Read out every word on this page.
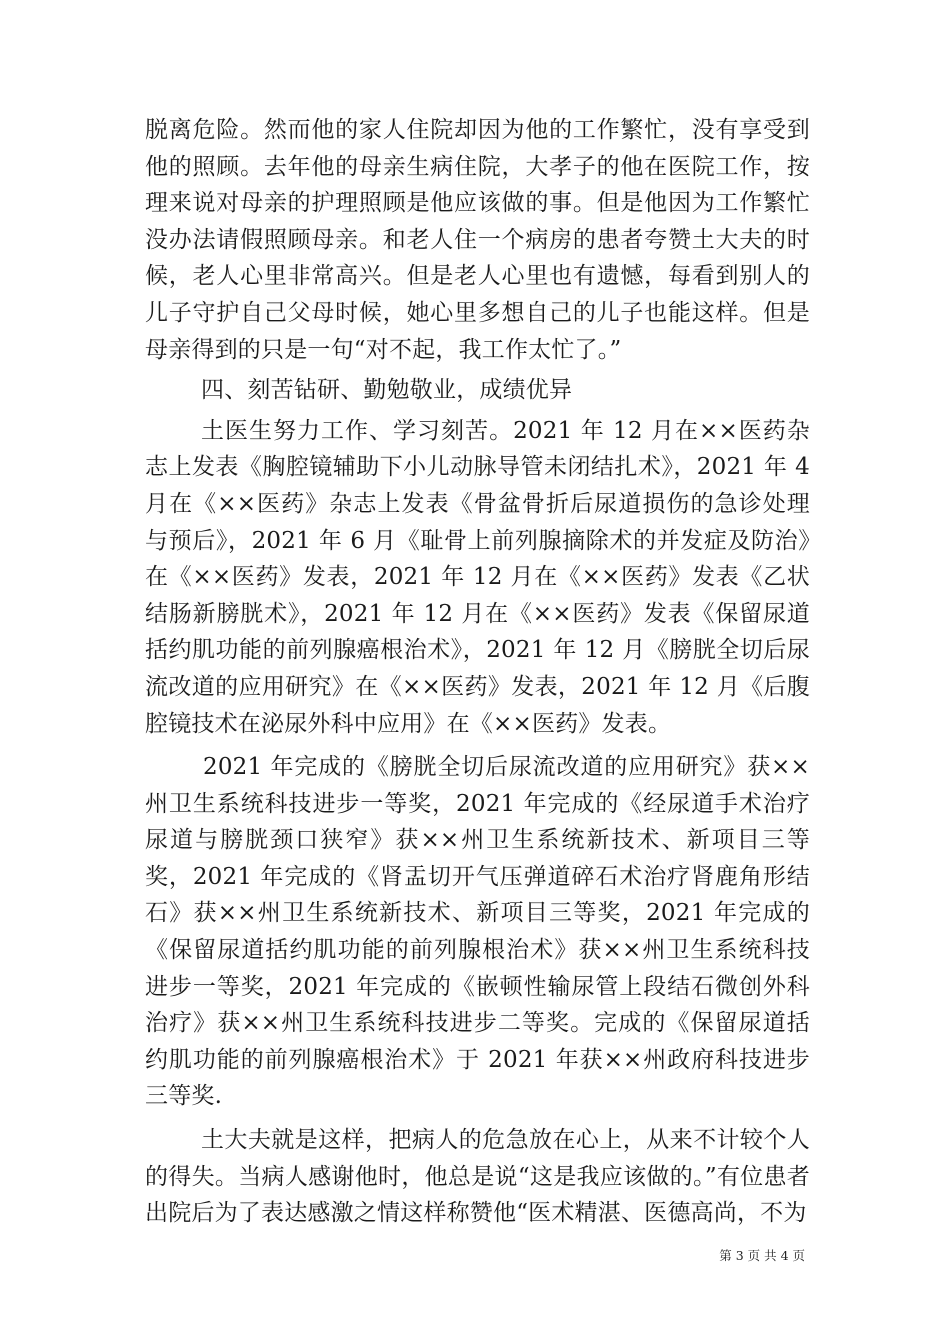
脱离危险。然而他的家人住院却因为他的工作繁忙，没有享受到他的照顾。去年他的母亲生病住院，大孝子的他在医院工作，按理来说对母亲的护理照顾是他应该做的事。但是他因为工作繁忙没办法请假照顾母亲。和老人住一个病房的患者夸赞土大夫的时候，老人心里非常高兴。但是老人心里也有遗憾，每看到别人的儿子守护自己父母时候，她心里多想自己的儿子也能这样。但是母亲得到的只是一句“对不起，我工作太忙了。”

四、刻苦钻研、勤勉敬业，成绩优异

土医生努力工作、学习刻苦。2021 年 12 月在××医药杂志上发表《胸腔镜辅助下小儿动脉导管未闭结扎术》，2021 年 4 月在《××医药》杂志上发表《骨盆骨折后尿道损伤的急诊处理与预后》，2021 年 6 月《耻骨上前列腺摘除术的并发症及防治》在《××医药》发表，2021 年 12 月在《××医药》发表《乙状结肠新膀胱术》，2021 年 12 月在《××医药》发表《保留尿道括约肌功能的前列腺癌根治术》，2021 年 12 月《膀胱全切后尿流改道的应用研究》在《××医药》发表，2021 年 12 月《后腹腔镜技术在泌尿外科中应用》在《××医药》发表。

2021 年完成的《膀胱全切后尿流改道的应用研究》获××州卫生系统科技进步一等奖，2021 年完成的《经尿道手术治疗尿道与膀胱颈口狭窄》获××州卫生系统新技术、新项目三等奖，2021 年完成的《肾盂切开气压弹道碎石术治疗肾鹿角形结石》获××州卫生系统新技术、新项目三等奖，2021 年完成的《保留尿道括约肌功能的前列腺根治术》获××州卫生系统科技进步一等奖，2021 年完成的《嵌顿性输尿管上段结石微创外科治疗》获××州卫生系统科技进步二等奖。完成的《保留尿道括约肌功能的前列腺癌根治术》于 2021 年获××州政府科技进步三等奖.

土大夫就是这样，把病人的危急放在心上，从来不计较个人的得失。当病人感谢他时，他总是说“这是我应该做的。”有位患者出院后为了表达感激之情这样称赞他“医术精湛、医德高尚，不为

第 3 页 共 4 页
